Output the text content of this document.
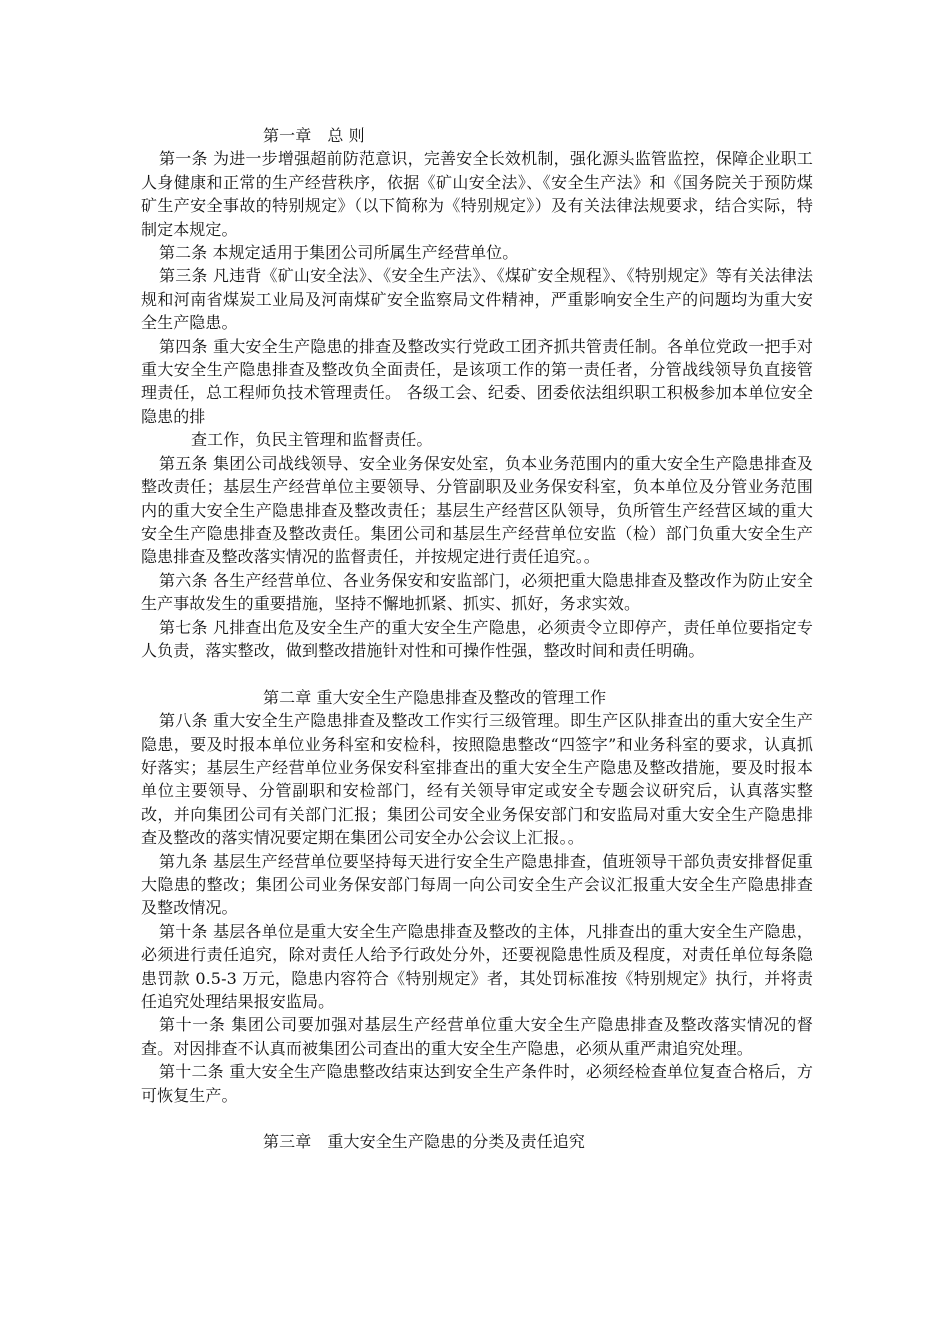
第一章　总 则

第一条 为进一步增强超前防范意识，完善安全长效机制，强化源头监管监控，保障企业职工人身健康和正常的生产经营秩序，依据《矿山安全法》、《安全生产法》和《国务院关于预防煤矿生产安全事故的特别规定》（以下简称为《特别规定》）及有关法律法规要求，结合实际，特制定本规定。

第二条 本规定适用于集团公司所属生产经营单位。

第三条 凡违背《矿山安全法》、《安全生产法》、《煤矿安全规程》、《特别规定》等有关法律法规和河南省煤炭工业局及河南煤矿安全监察局文件精神，严重影响安全生产的问题均为重大安全生产隐患。

第四条 重大安全生产隐患的排查及整改实行党政工团齐抓共管责任制。各单位党政一把手对重大安全生产隐患排查及整改负全面责任，是该项工作的第一责任者，分管战线领导负直接管理责任，总工程师负技术管理责任。 各级工会、纪委、团委依法组织职工积极参加本单位安全隐患的排

查工作，负民主管理和监督责任。

第五条 集团公司战线领导、安全业务保安处室，负本业务范围内的重大安全生产隐患排查及整改责任；基层生产经营单位主要领导、分管副职及业务保安科室，负本单位及分管业务范围内的重大安全生产隐患排查及整改责任；基层生产经营区队领导，负所管生产经营区域的重大安全生产隐患排查及整改责任。集团公司和基层生产经营单位安监（检）部门负重大安全生产隐患排查及整改落实情况的监督责任，并按规定进行责任追究。。

第六条 各生产经营单位、各业务保安和安监部门，必须把重大隐患排查及整改作为防止安全生产事故发生的重要措施，坚持不懈地抓紧、抓实、抓好，务求实效。

第七条 凡排查出危及安全生产的重大安全生产隐患，必须责令立即停产，责任单位要指定专人负责，落实整改，做到整改措施针对性和可操作性强，整改时间和责任明确。

第二章 重大安全生产隐患排查及整改的管理工作

第八条 重大安全生产隐患排查及整改工作实行三级管理。即生产区队排查出的重大安全生产隐患，要及时报本单位业务科室和安检科，按照隐患整改“四签字”和业务科室的要求，认真抓好落实；基层生产经营单位业务保安科室排查出的重大安全生产隐患及整改措施，要及时报本单位主要领导、分管副职和安检部门，经有关领导审定或安全专题会议研究后，认真落实整改，并向集团公司有关部门汇报；集团公司安全业务保安部门和安监局对重大安全生产隐患排查及整改的落实情况要定期在集团公司安全办公会议上汇报。。

第九条 基层生产经营单位要坚持每天进行安全生产隐患排查，值班领导干部负责安排督促重大隐患的整改；集团公司业务保安部门每周一向公司安全生产会议汇报重大安全生产隐患排查及整改情况。

第十条 基层各单位是重大安全生产隐患排查及整改的主体，凡排查出的重大安全生产隐患，必须进行责任追究，除对责任人给予行政处分外，还要视隐患性质及程度，对责任单位每条隐患罚款 0.5-3 万元，隐患内容符合《特别规定》者，其处罚标准按《特别规定》执行，并将责任追究处理结果报安监局。

第十一条 集团公司要加强对基层生产经营单位重大安全生产隐患排查及整改落实情况的督查。对因排查不认真而被集团公司查出的重大安全生产隐患，必须从重严肃追究处理。

第十二条 重大安全生产隐患整改结束达到安全生产条件时，必须经检查单位复查合格后，方可恢复生产。

第三章　重大安全生产隐患的分类及责任追究
